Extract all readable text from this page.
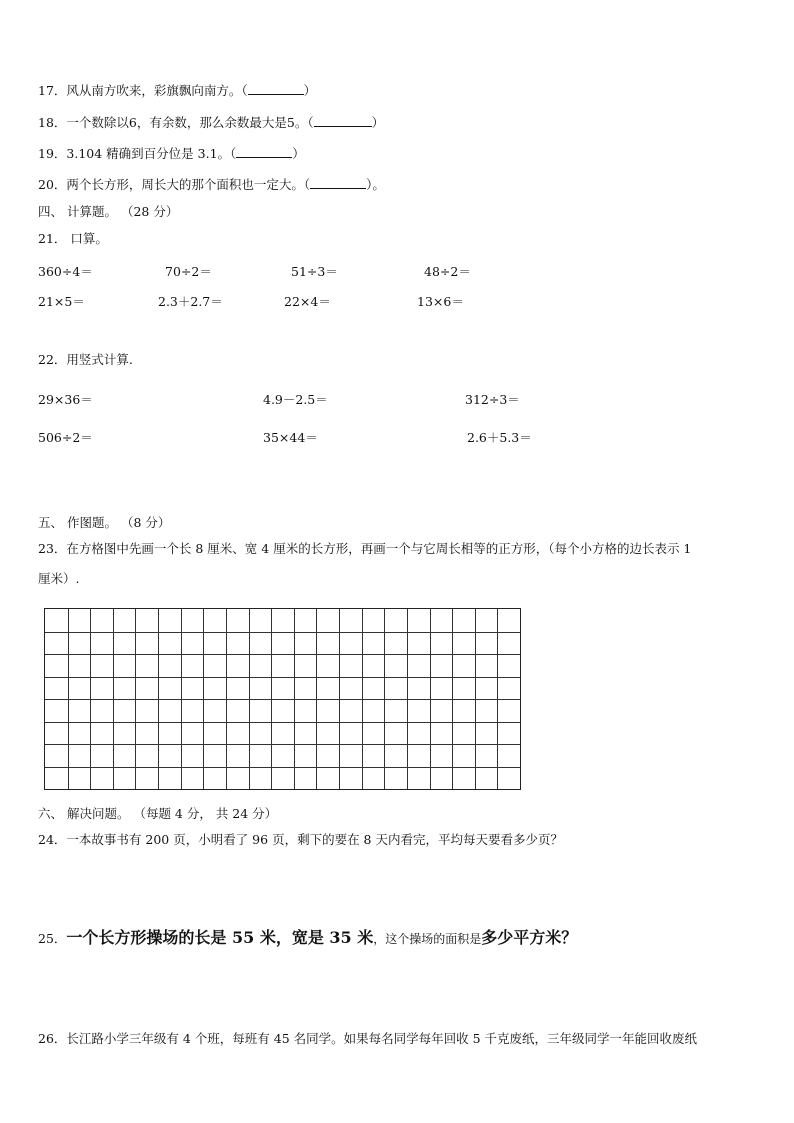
17．风从南方吹来，彩旗飘向南方。（	）
18．一个数除以6，有余数，那么余数最大是5。（	）
19．3.104 精确到百分位是 3.1。（	）
20．两个长方形，周长大的那个面积也一定大。（	）。
四、 计算题。 （28 分）
21． 口算。
360÷4＝	70÷2＝	51÷3＝	48÷2＝
21×5＝	2.3＋2.7＝	22×4＝	13×6＝
22．用竖式计算.
29×36＝	4.9－2.5＝	312÷3＝
506÷2＝	35×44＝	2.6＋5.3＝
五、 作图题。 （8 分）
23．在方格图中先画一个长 8 厘米、宽 4 厘米的长方形，再画一个与它周长相等的正方形，（每个小方格的边长表示 1
厘米）.
六、 解决问题。 （每题 4 分， 共 24 分）
24．一本故事书有 200 页，小明看了 96 页，剩下的要在 8 天内看完，平均每天要看多少页？
25．一个长方形操场的长是 55 米，宽是 35 米，这个操场的面积是多少平方米？
26．长江路小学三年级有 4 个班，每班有 45 名同学。如果每名同学每年回收 5 千克废纸，三年级同学一年能回收废纸
